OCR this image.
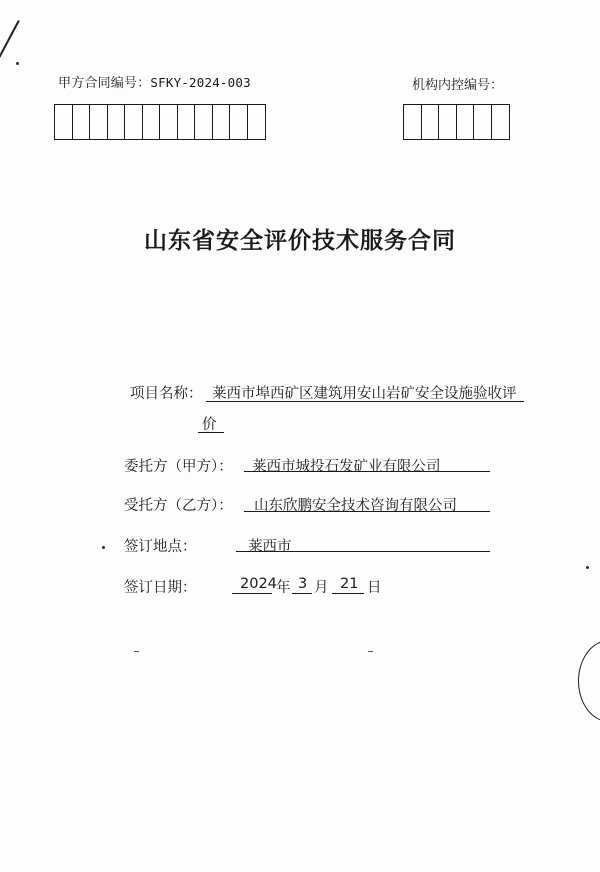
甲方合同编号：SFKY-2024-003	机构内控编号：
山东省安全评价技术服务合同
项目名称： 莱西市埠西矿区建筑用安山岩矿安全设施验收评
价
委托方（甲方）： 莱西市城投石发矿业有限公司
受托方（乙方）： 山东欣鹏安全技术咨询有限公司
签订地点：	莱西市
签订日期：	2024 年 3 月 21 日
